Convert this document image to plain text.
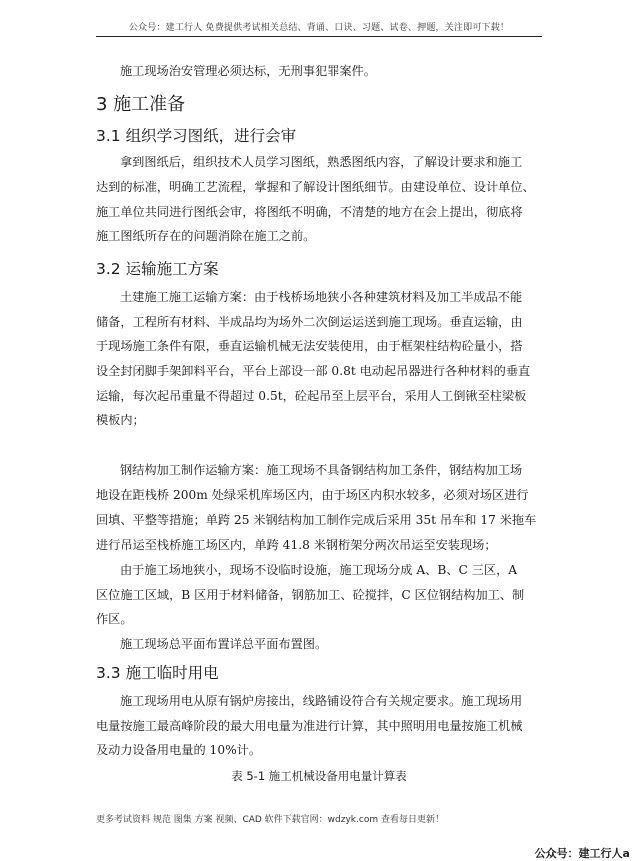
公众号：建工行人 免费提供考试相关总结、背诵、口诀、习题、试卷、押题，关注即可下载！
施工现场治安管理必须达标，无刑事犯罪案件。
3 施工准备
3.1 组织学习图纸，进行会审
拿到图纸后，组织技术人员学习图纸，熟悉图纸内容，了解设计要求和施工
达到的标准，明确工艺流程，掌握和了解设计图纸细节。由建设单位、设计单位、
施工单位共同进行图纸会审，将图纸不明确，不清楚的地方在会上提出，彻底将
施工图纸所存在的问题消除在施工之前。
3.2 运输施工方案
土建施工施工运输方案：由于栈桥场地狭小各种建筑材料及加工半成品不能
储备，工程所有材料、半成品均为场外二次倒运运送到施工现场。垂直运输，由
于现场施工条件有限，垂直运输机械无法安装使用，由于框架柱结构砼量小，搭
设全封闭脚手架卸料平台，平台上部设一部 0.8t 电动起吊器进行各种材料的垂直
运输，每次起吊重量不得超过 0.5t，砼起吊至上层平台，采用人工倒锹至柱梁板
模板内；
钢结构加工制作运输方案：施工现场不具备钢结构加工条件，钢结构加工场
地设在距栈桥 200m 处绿采机库场区内，由于场区内积水较多，必须对场区进行
回填、平整等措施；单跨 25 米钢结构加工制作完成后采用 35t 吊车和 17 米拖车
进行吊运至栈桥施工场区内，单跨 41.8 米钢桁架分两次吊运至安装现场；
由于施工场地狭小，现场不设临时设施，施工现场分成 A、B、C 三区，A
区位施工区域，B 区用于材料储备，钢筋加工、砼搅拌，C 区位钢结构加工、制
作区。
施工现场总平面布置详总平面布置图。
3.3 施工临时用电
施工现场用电从原有锅炉房接出，线路铺设符合有关规定要求。施工现场用
电量按施工最高峰阶段的最大用电量为准进行计算，其中照明用电量按施工机械
及动力设备用电量的 10%计。
表 5-1 施工机械设备用电量计算表
更多考试资料 规范 图集 方案 视频、CAD 软件下载官网：wdzyk.com 查看每日更新！
公众号：建工行人a
